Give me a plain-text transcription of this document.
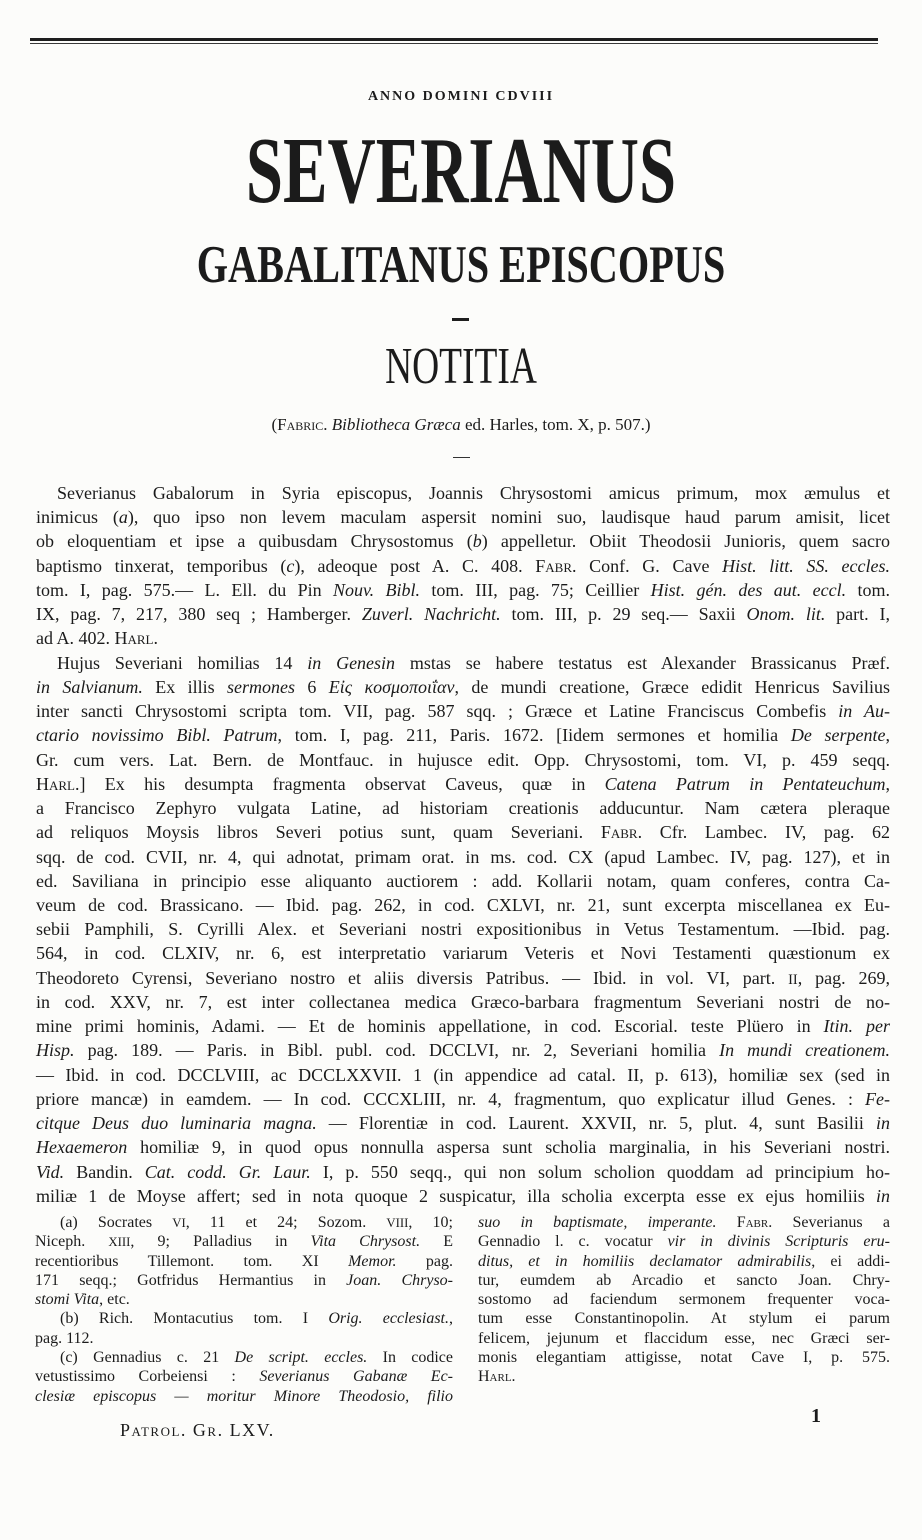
ANNO DOMINI CDVIII
SEVERIANUS
GABALITANUS EPISCOPUS
NOTITIA
(Fabric. Bibliotheca Græca ed. Harles, tom. X, p. 507.)
Severianus Gabalorum in Syria episcopus, Joannis Chrysostomi amicus primum, mox æmulus et
inimicus (a), quo ipso non levem maculam aspersit nomini suo, laudisque haud parum amisit, licet
ob eloquentiam et ipse a quibusdam Chrysostomus (b) appelletur. Obiit Theodosii Junioris, quem sacro
baptismo tinxerat, temporibus (c), adeoque post A. C. 408. Fabr. Conf. G. Cave Hist. litt. SS. eccles.
tom. I, pag. 575.— L. Ell. du Pin Nouv. Bibl. tom. III, pag. 75; Ceillier Hist. gén. des aut. eccl. tom.
IX, pag. 7, 217, 380 seq ; Hamberger. Zuverl. Nachricht. tom. III, p. 29 seq.— Saxii Onom. lit. part. I,
ad A. 402. Harl.
Hujus Severiani homilias 14 in Genesin mstas se habere testatus est Alexander Brassicanus Præf.
in Salvianum. Ex illis sermones 6 Εἰς κοσμοποιΐαν, de mundi creatione, Græce edidit Henricus Savilius
inter sancti Chrysostomi scripta tom. VII, pag. 587 sqq. ; Græce et Latine Franciscus Combefis in Au-
ctario novissimo Bibl. Patrum, tom. I, pag. 211, Paris. 1672. [Iidem sermones et homilia De serpente,
Gr. cum vers. Lat. Bern. de Montfauc. in hujusce edit. Opp. Chrysostomi, tom. VI, p. 459 seqq.
Harl.] Ex his desumpta fragmenta observat Caveus, quæ in Catena Patrum in Pentateuchum,
a Francisco Zephyro vulgata Latine, ad historiam creationis adducuntur. Nam cætera pleraque
ad reliquos Moysis libros Severi potius sunt, quam Severiani. Fabr. Cfr. Lambec. IV, pag. 62
sqq. de cod. CVII, nr. 4, qui adnotat, primam orat. in ms. cod. CX (apud Lambec. IV, pag. 127), et in
ed. Saviliana in principio esse aliquanto auctiorem : add. Kollarii notam, quam conferes, contra Ca-
veum de cod. Brassicano. — Ibid. pag. 262, in cod. CXLVI, nr. 21, sunt excerpta miscellanea ex Eu-
sebii Pamphili, S. Cyrilli Alex. et Severiani nostri expositionibus in Vetus Testamentum. —Ibid. pag.
564, in cod. CLXIV, nr. 6, est interpretatio variarum Veteris et Novi Testamenti quæstionum ex
Theodoreto Cyrensi, Severiano nostro et aliis diversis Patribus. — Ibid. in vol. VI, part. II, pag. 269,
in cod. XXV, nr. 7, est inter collectanea medica Græco-barbara fragmentum Severiani nostri de no-
mine primi hominis, Adami. — Et de hominis appellatione, in cod. Escorial. teste Plüero in Itin. per
Hisp. pag. 189. — Paris. in Bibl. publ. cod. DCCLVI, nr. 2, Severiani homilia In mundi creationem.
— Ibid. in cod. DCCLVIII, ac DCCLXXVII. 1 (in appendice ad catal. II, p. 613), homiliæ sex (sed in
priore mancæ) in eamdem. — In cod. CCCXLIII, nr. 4, fragmentum, quo explicatur illud Genes. : Fe-
citque Deus duo luminaria magna. — Florentiæ in cod. Laurent. XXVII, nr. 5, plut. 4, sunt Basilii in
Hexaemeron homiliæ 9, in quod opus nonnulla aspersa sunt scholia marginalia, in his Severiani nostri.
Vid. Bandin. Cat. codd. Gr. Laur. I, p. 550 seqq., qui non solum scholion quoddam ad principium ho-
miliæ 1 de Moyse affert; sed in nota quoque 2 suspicatur, illa scholia excerpta esse ex ejus homiliis in
(a) Socrates VI, 11 et 24; Sozom. VIII, 10;
Niceph. XIII, 9; Palladius in Vita Chrysost. E
recentioribus Tillemont. tom. XI Memor. pag.
171 seqq.; Gotfridus Hermantius in Joan. Chryso-
stomi Vita, etc.
(b) Rich. Montacutius tom. I Orig. ecclesiast.,
pag. 112.
(c) Gennadius c. 21 De script. eccles. In codice
vetustissimo Corbeiensi : Severianus Gabanæ Ec-
clesiæ episcopus — moritur Minore Theodosio, filio
suo in baptismate, imperante. Fabr. Severianus a
Gennadio l. c. vocatur vir in divinis Scripturis eru-
ditus, et in homiliis declamator admirabilis, ei addi-
tur, eumdem ab Arcadio et sancto Joan. Chry-
sostomo ad faciendum sermonem frequenter voca-
tum esse Constantinopolin. At stylum ei parum
felicem, jejunum et flaccidum esse, nec Græci ser-
monis elegantiam attigisse, notat Cave I, p. 575.
Harl.
Patrol. Gr. LXV.
1
